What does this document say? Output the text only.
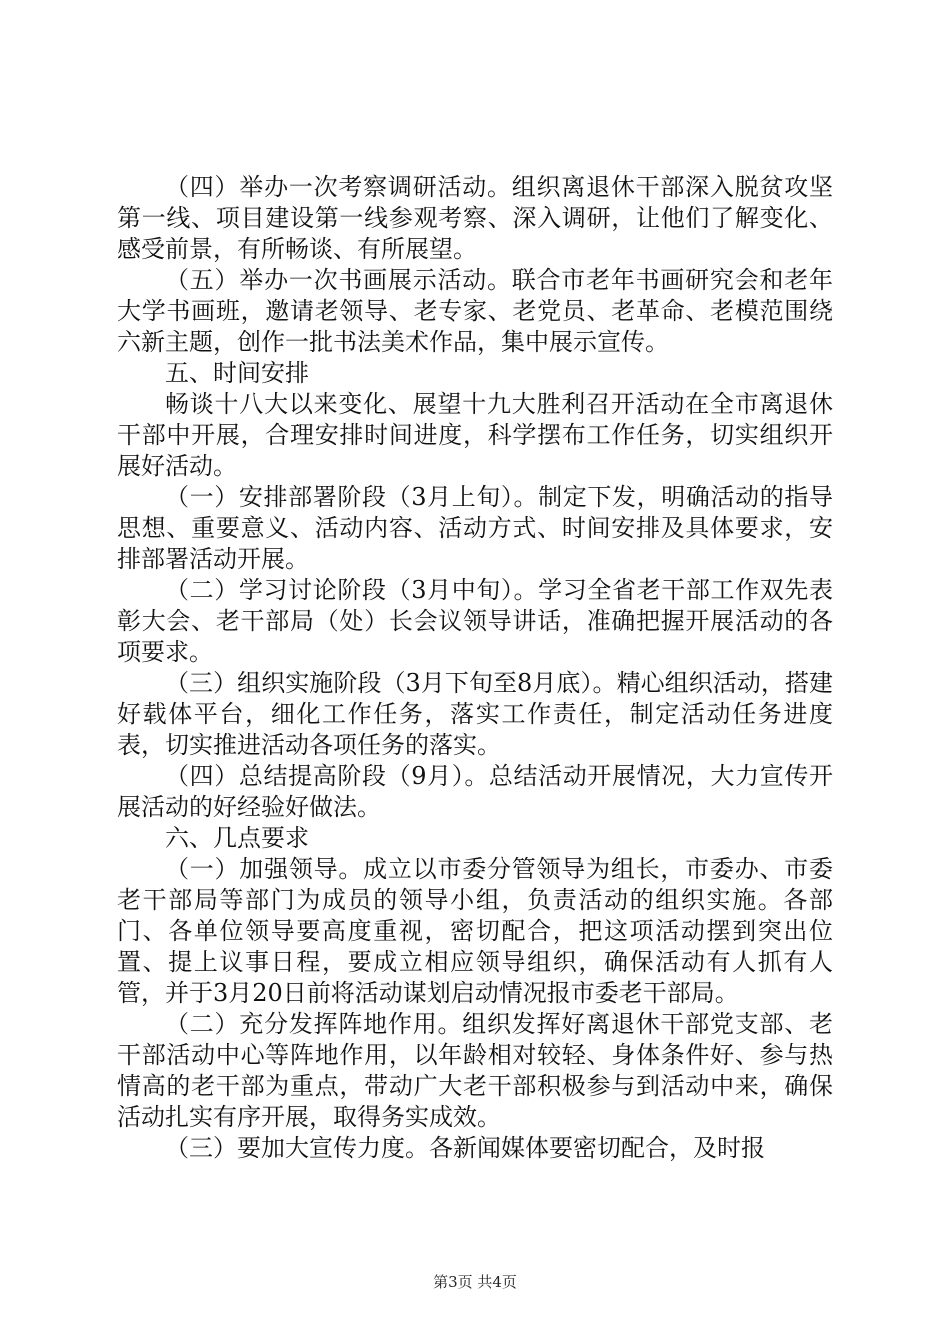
（四）举办一次考察调研活动。组织离退休干部深入脱贫攻坚第一线、项目建设第一线参观考察、深入调研，让他们了解变化、感受前景，有所畅谈、有所展望。

（五）举办一次书画展示活动。联合市老年书画研究会和老年大学书画班，邀请老领导、老专家、老党员、老革命、老模范围绕六新主题，创作一批书法美术作品，集中展示宣传。

五、时间安排

畅谈十八大以来变化、展望十九大胜利召开活动在全市离退休干部中开展，合理安排时间进度，科学摆布工作任务，切实组织开展好活动。

（一）安排部署阶段（3月上旬）。制定下发，明确活动的指导思想、重要意义、活动内容、活动方式、时间安排及具体要求，安排部署活动开展。

（二）学习讨论阶段（3月中旬）。学习全省老干部工作双先表彰大会、老干部局（处）长会议领导讲话，准确把握开展活动的各项要求。

（三）组织实施阶段（3月下旬至8月底）。精心组织活动，搭建好载体平台，细化工作任务，落实工作责任，制定活动任务进度表，切实推进活动各项任务的落实。

（四）总结提高阶段（9月）。总结活动开展情况，大力宣传开展活动的好经验好做法。

六、几点要求

（一）加强领导。成立以市委分管领导为组长，市委办、市委老干部局等部门为成员的领导小组，负责活动的组织实施。各部门、各单位领导要高度重视，密切配合，把这项活动摆到突出位置、提上议事日程，要成立相应领导组织，确保活动有人抓有人管，并于3月20日前将活动谋划启动情况报市委老干部局。

（二）充分发挥阵地作用。组织发挥好离退休干部党支部、老干部活动中心等阵地作用，以年龄相对较轻、身体条件好、参与热情高的老干部为重点，带动广大老干部积极参与到活动中来，确保活动扎实有序开展，取得务实成效。

（三）要加大宣传力度。各新闻媒体要密切配合，及时报

第3页 共4页
